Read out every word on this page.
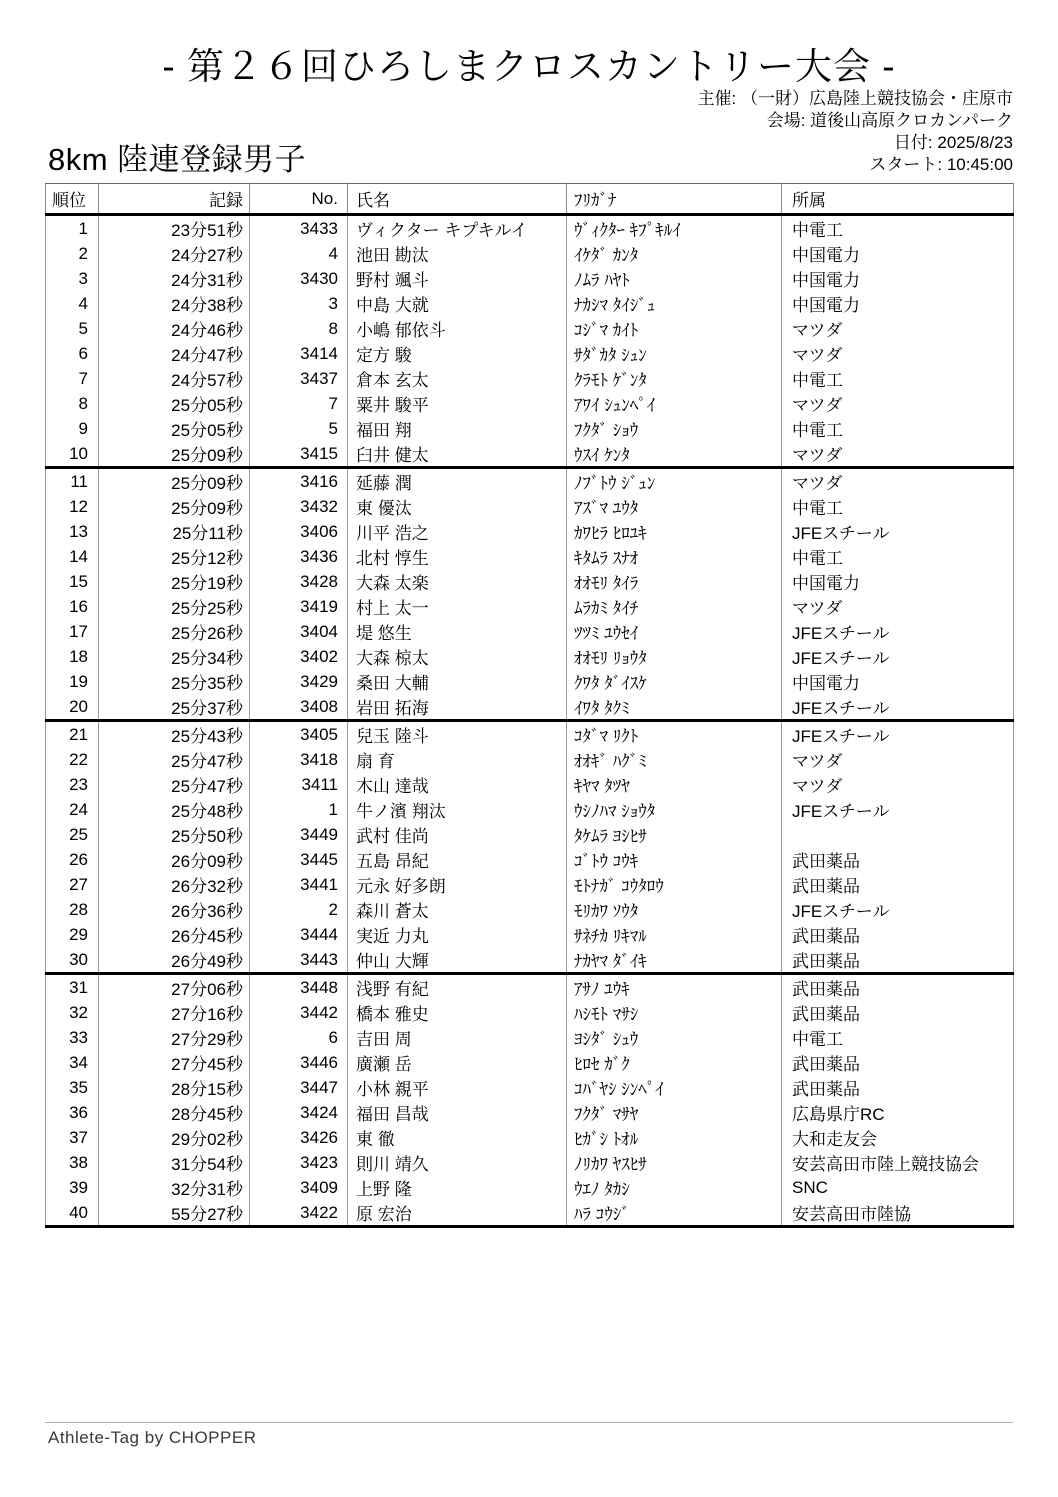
- 第２６回ひろしまクロスカントリー大会 -
主催: （一財）広島陸上競技協会・庄原市
会場: 道後山高原クロカンパーク
日付: 2025/8/23
スタート: 10:45:00
8km 陸連登録男子
順位	記録	No.	氏名	ﾌﾘｶﾞﾅ	所属
1	23分51秒	3433	ヴィクター キプキルイ	ｳﾞｨｸﾀｰ ｷﾌﾟｷﾙｲ	中電工
2	24分27秒	4	池田 勘汰	ｲｹﾀﾞ ｶﾝﾀ	中国電力
3	24分31秒	3430	野村 颯斗	ﾉﾑﾗ ﾊﾔﾄ	中国電力
4	24分38秒	3	中島 大就	ﾅｶｼﾏ ﾀｲｼﾞｭ	中国電力
5	24分46秒	8	小嶋 郁依斗	ｺｼﾞﾏ ｶｲﾄ	マツダ
6	24分47秒	3414	定方 駿	ｻﾀﾞｶﾀ ｼｭﾝ	マツダ
7	24分57秒	3437	倉本 玄太	ｸﾗﾓﾄ ｹﾞﾝﾀ	中電工
8	25分05秒	7	粟井 駿平	ｱﾜｲ ｼｭﾝﾍﾟｲ	マツダ
9	25分05秒	5	福田 翔	ﾌｸﾀﾞ ｼｮｳ	中電工
10	25分09秒	3415	臼井 健太	ｳｽｲ ｹﾝﾀ	マツダ
11	25分09秒	3416	延藤 潤	ﾉﾌﾞﾄｳ ｼﾞｭﾝ	マツダ
12	25分09秒	3432	東 優汰	ｱｽﾞﾏ ﾕｳﾀ	中電工
13	25分11秒	3406	川平 浩之	ｶﾜﾋﾗ ﾋﾛﾕｷ	JFEスチール
14	25分12秒	3436	北村 惇生	ｷﾀﾑﾗ ｽﾅｵ	中電工
15	25分19秒	3428	大森 太楽	ｵｵﾓﾘ ﾀｲﾗ	中国電力
16	25分25秒	3419	村上 太一	ﾑﾗｶﾐ ﾀｲﾁ	マツダ
17	25分26秒	3404	堤 悠生	ﾂﾂﾐ ﾕｳｾｲ	JFEスチール
18	25分34秒	3402	大森 椋太	ｵｵﾓﾘ ﾘｮｳﾀ	JFEスチール
19	25分35秒	3429	桑田 大輔	ｸﾜﾀ ﾀﾞｲｽｹ	中国電力
20	25分37秒	3408	岩田 拓海	ｲﾜﾀ ﾀｸﾐ	JFEスチール
21	25分43秒	3405	兒玉 陸斗	ｺﾀﾞﾏ ﾘｸﾄ	JFEスチール
22	25分47秒	3418	扇 育	ｵｵｷﾞ ﾊｸﾞﾐ	マツダ
23	25分47秒	3411	木山 達哉	ｷﾔﾏ ﾀﾂﾔ	マツダ
24	25分48秒	1	牛ノ濱 翔汰	ｳｼﾉﾊﾏ ｼｮｳﾀ	JFEスチール
25	25分50秒	3449	武村 佳尚	ﾀｹﾑﾗ ﾖｼﾋｻ	
26	26分09秒	3445	五島 昂紀	ｺﾞﾄｳ ｺｳｷ	武田薬品
27	26分32秒	3441	元永 好多朗	ﾓﾄﾅｶﾞ ｺｳﾀﾛｳ	武田薬品
28	26分36秒	2	森川 蒼太	ﾓﾘｶﾜ ｿｳﾀ	JFEスチール
29	26分45秒	3444	実近 力丸	ｻﾈﾁｶ ﾘｷﾏﾙ	武田薬品
30	26分49秒	3443	仲山 大輝	ﾅｶﾔﾏ ﾀﾞｲｷ	武田薬品
31	27分06秒	3448	浅野 有紀	ｱｻﾉ ﾕｳｷ	武田薬品
32	27分16秒	3442	橋本 雅史	ﾊｼﾓﾄ ﾏｻｼ	武田薬品
33	27分29秒	6	吉田 周	ﾖｼﾀﾞ ｼｭｳ	中電工
34	27分45秒	3446	廣瀬 岳	ﾋﾛｾ ｶﾞｸ	武田薬品
35	28分15秒	3447	小林 親平	ｺﾊﾞﾔｼ ｼﾝﾍﾟｲ	武田薬品
36	28分45秒	3424	福田 昌哉	ﾌｸﾀﾞ ﾏｻﾔ	広島県庁RC
37	29分02秒	3426	東 徹	ﾋｶﾞｼ ﾄｵﾙ	大和走友会
38	31分54秒	3423	則川 靖久	ﾉﾘｶﾜ ﾔｽﾋｻ	安芸高田市陸上競技協会
39	32分31秒	3409	上野 隆	ｳｴﾉ ﾀｶｼ	SNC
40	55分27秒	3422	原 宏治	ﾊﾗ ｺｳｼﾞ	安芸高田市陸協
Athlete-Tag by CHOPPER
